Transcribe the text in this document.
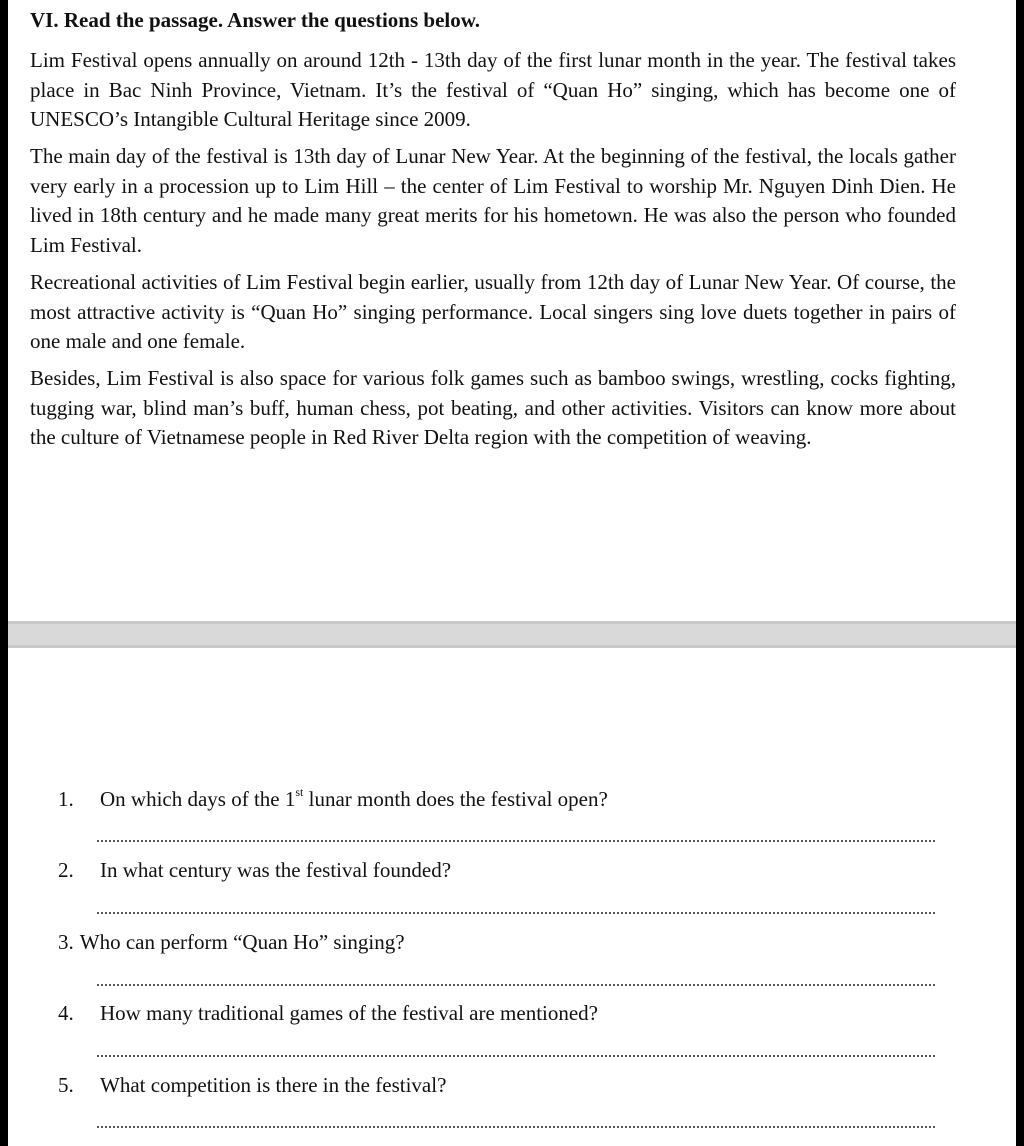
VI. Read the passage. Answer the questions below.

Lim Festival opens annually on around 12th - 13th day of the first lunar month in the year. The festival takes place in Bac Ninh Province, Vietnam. It’s the festival of “Quan Ho” singing, which has become one of UNESCO’s Intangible Cultural Heritage since 2009.

The main day of the festival is 13th day of Lunar New Year. At the beginning of the festival, the locals gather very early in a procession up to Lim Hill – the center of Lim Festival to worship Mr. Nguyen Dinh Dien. He lived in 18th century and he made many great merits for his hometown. He was also the person who founded Lim Festival.

Recreational activities of Lim Festival begin earlier, usually from 12th day of Lunar New Year. Of course, the most attractive activity is “Quan Ho” singing performance. Local singers sing love duets together in pairs of one male and one female.

Besides, Lim Festival is also space for various folk games such as bamboo swings, wrestling, cocks fighting, tugging war, blind man’s buff, human chess, pot beating, and other activities. Visitors can know more about the culture of Vietnamese people in Red River Delta region with the competition of weaving.

1. On which days of the 1st lunar month does the festival open?
2. In what century was the festival founded?
3. Who can perform “Quan Ho” singing?
4. How many traditional games of the festival are mentioned?
5. What competition is there in the festival?
